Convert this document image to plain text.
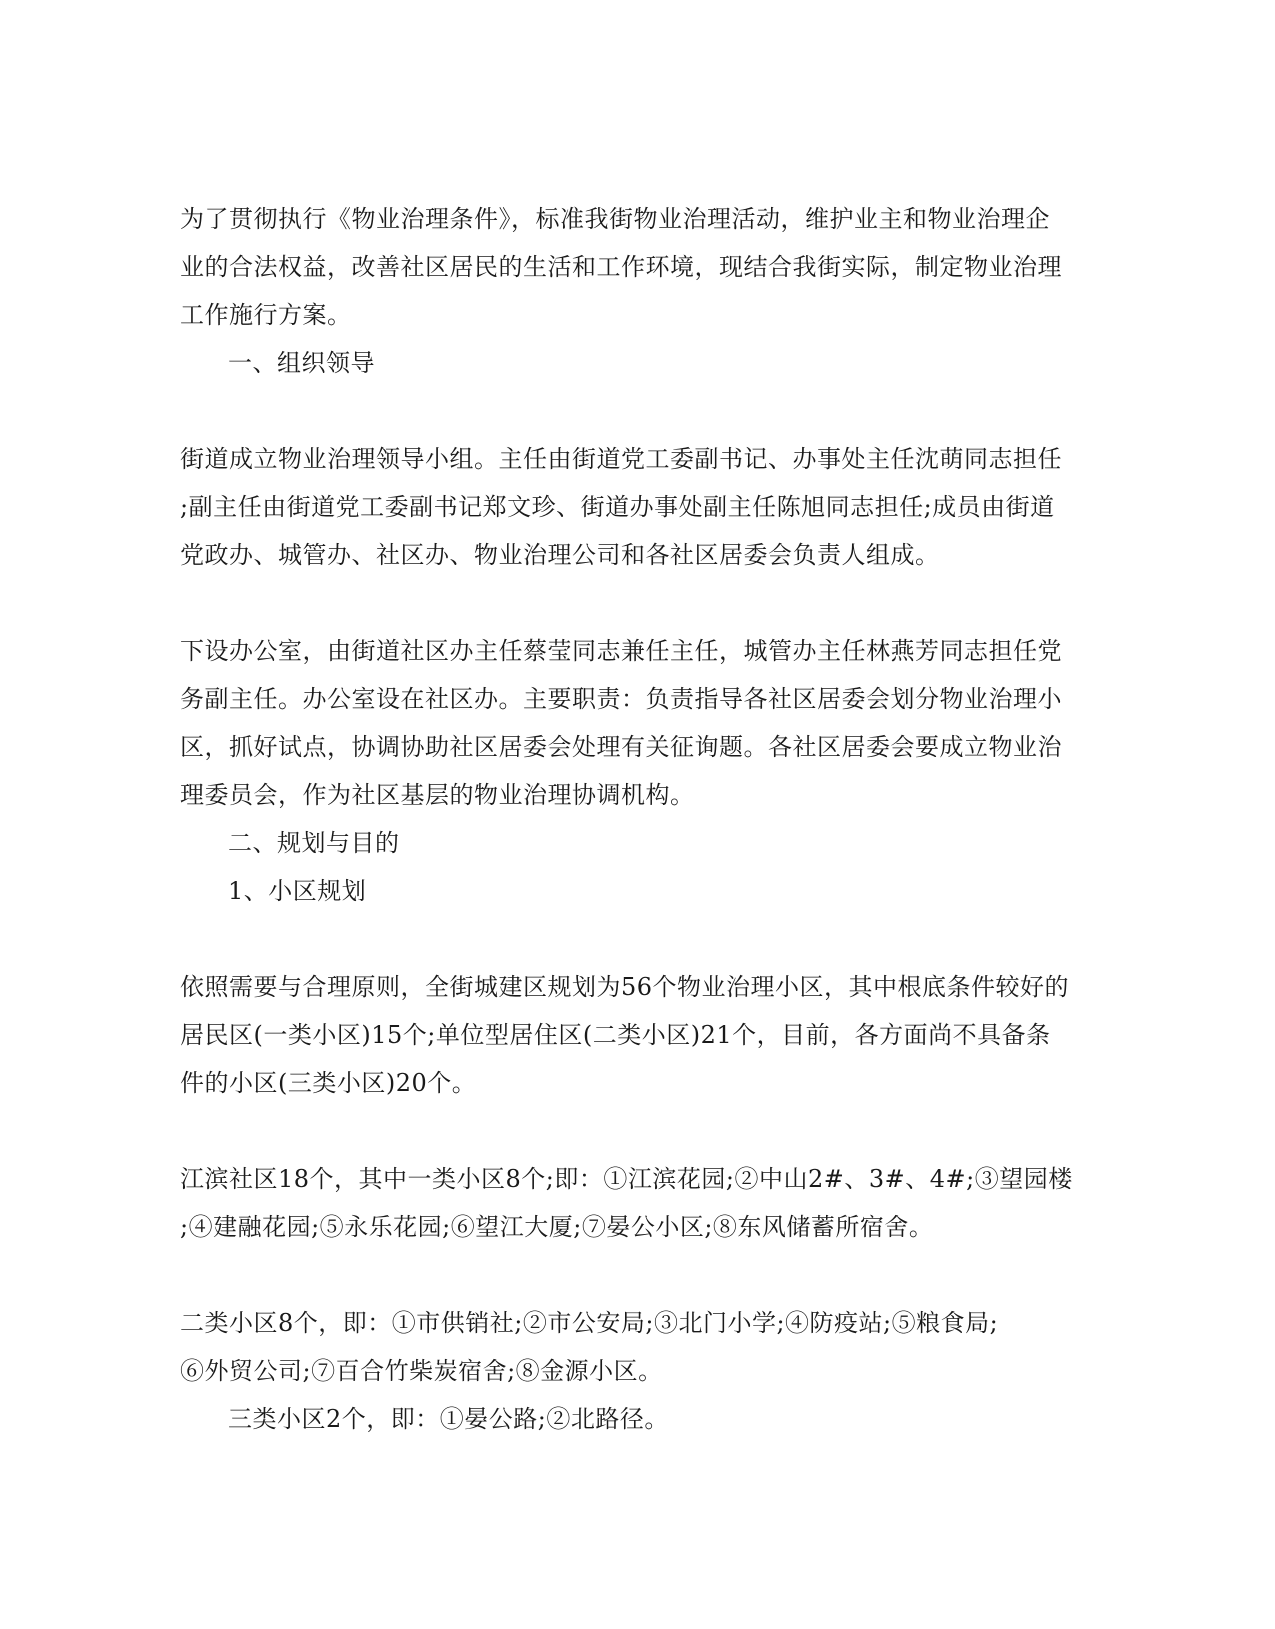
为了贯彻执行《物业治理条件》，标准我街物业治理活动，维护业主和物业治理企
业的合法权益，改善社区居民的生活和工作环境，现结合我街实际，制定物业治理
工作施行方案。
一、组织领导
街道成立物业治理领导小组。主任由街道党工委副书记、办事处主任沈萌同志担任
;副主任由街道党工委副书记郑文珍、街道办事处副主任陈旭同志担任;成员由街道
党政办、城管办、社区办、物业治理公司和各社区居委会负责人组成。
下设办公室，由街道社区办主任蔡莹同志兼任主任，城管办主任林燕芳同志担任党
务副主任。办公室设在社区办。主要职责：负责指导各社区居委会划分物业治理小
区，抓好试点，协调协助社区居委会处理有关征询题。各社区居委会要成立物业治
理委员会，作为社区基层的物业治理协调机构。
二、规划与目的
1、小区规划
依照需要与合理原则，全街城建区规划为56个物业治理小区，其中根底条件较好的
居民区(一类小区)15个;单位型居住区(二类小区)21个，目前，各方面尚不具备条
件的小区(三类小区)20个。
江滨社区18个，其中一类小区8个;即：①江滨花园;②中山2#、3#、4#;③望园楼
;④建融花园;⑤永乐花园;⑥望江大厦;⑦晏公小区;⑧东风储蓄所宿舍。
二类小区8个，即：①市供销社;②市公安局;③北门小学;④防疫站;⑤粮食局;
⑥外贸公司;⑦百合竹柴炭宿舍;⑧金源小区。
三类小区2个，即：①晏公路;②北路径。
